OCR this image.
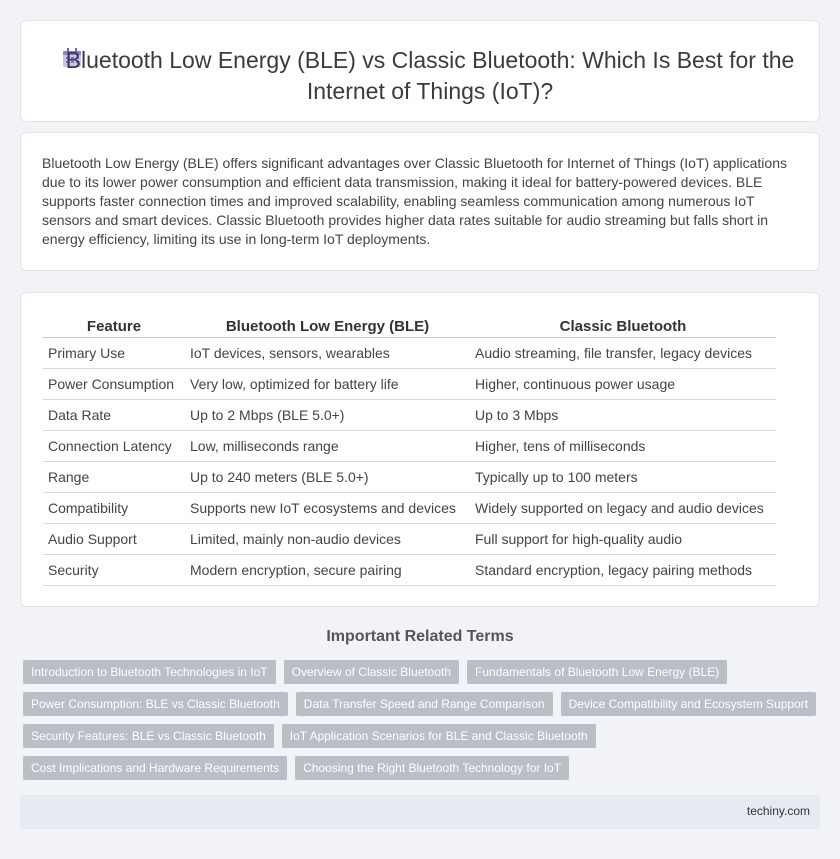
Bluetooth Low Energy (BLE) vs Classic Bluetooth: Which Is Best for the Internet of Things (IoT)?

Bluetooth Low Energy (BLE) offers significant advantages over Classic Bluetooth for Internet of Things (IoT) applications due to its lower power consumption and efficient data transmission, making it ideal for battery-powered devices. BLE supports faster connection times and improved scalability, enabling seamless communication among numerous IoT sensors and smart devices. Classic Bluetooth provides higher data rates suitable for audio streaming but falls short in energy efficiency, limiting its use in long-term IoT deployments.

Feature	Bluetooth Low Energy (BLE)	Classic Bluetooth
Primary Use	IoT devices, sensors, wearables	Audio streaming, file transfer, legacy devices
Power Consumption	Very low, optimized for battery life	Higher, continuous power usage
Data Rate	Up to 2 Mbps (BLE 5.0+)	Up to 3 Mbps
Connection Latency	Low, milliseconds range	Higher, tens of milliseconds
Range	Up to 240 meters (BLE 5.0+)	Typically up to 100 meters
Compatibility	Supports new IoT ecosystems and devices	Widely supported on legacy and audio devices
Audio Support	Limited, mainly non-audio devices	Full support for high-quality audio
Security	Modern encryption, secure pairing	Standard encryption, legacy pairing methods
Important Related Terms
Introduction to Bluetooth Technologies in IoT	Overview of Classic Bluetooth	Fundamentals of Bluetooth Low Energy (BLE)
Power Consumption: BLE vs Classic Bluetooth	Data Transfer Speed and Range Comparison	Device Compatibility and Ecosystem Support
Security Features: BLE vs Classic Bluetooth	IoT Application Scenarios for BLE and Classic Bluetooth
Cost Implications and Hardware Requirements	Choosing the Right Bluetooth Technology for IoT
techiny.com
